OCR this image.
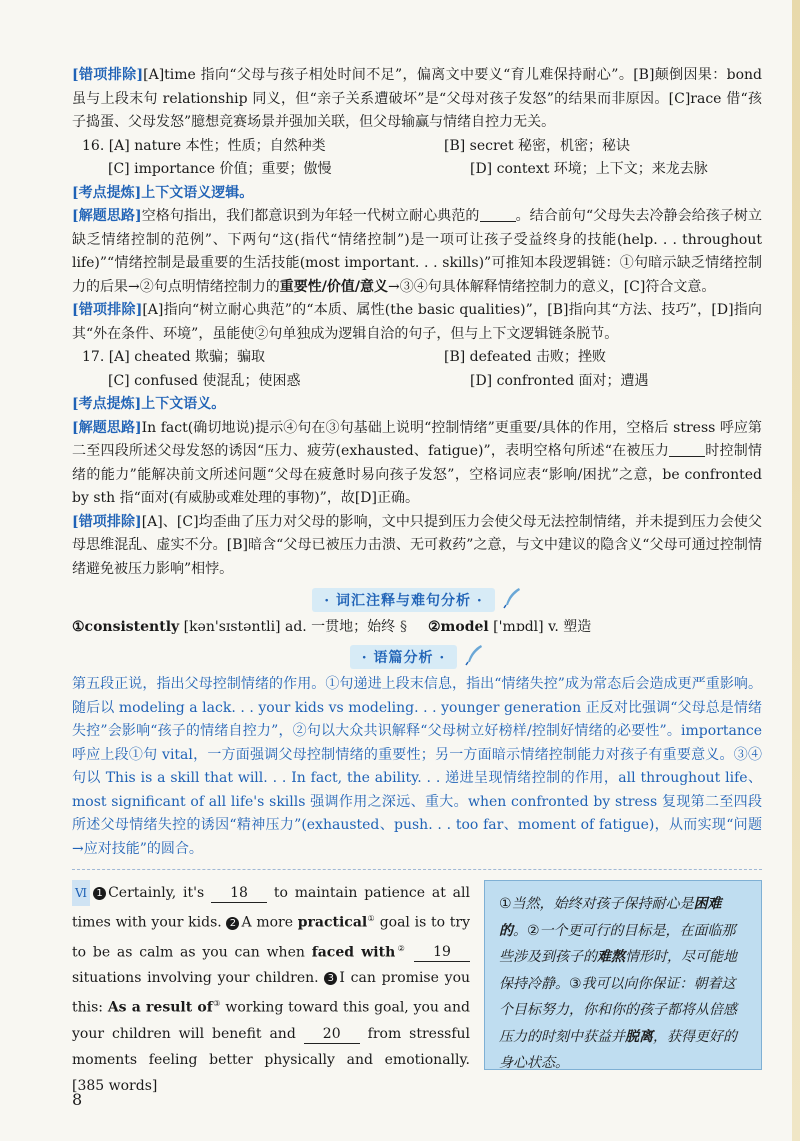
[错项排除][A]time 指向“父母与孩子相处时间不足”，偏离文中要义“育儿难保持耐心”。[B]颠倒因果：bond 虽与上段末句 relationship 同义，但“亲子关系遭破坏”是“父母对孩子发怒”的结果而非原因。[C]race 借“孩子捣蛋、父母发怒”臆想竞赛场景并强加关联，但父母输赢与情绪自控力无关。

16. [A] nature 本性；性质；自然种类	[B] secret 秘密，机密；秘诀
[C] importance 价值；重要；傲慢	[D] context 环境；上下文；来龙去脉

[考点提炼]上下文语义逻辑。

[解题思路]空格句指出，我们都意识到为年轻一代树立耐心典范的	。结合前句“父母失去冷静会给孩子树立缺乏情绪控制的范例”、下两句“这(指代“情绪控制”)是一项可让孩子受益终身的技能(help. . . throughout life)”“情绪控制是最重要的生活技能(most important. . . skills)”可推知本段逻辑链：①句暗示缺乏情绪控制力的后果→②句点明情绪控制力的重要性/价值/意义→③④句具体解释情绪控制力的意义，[C]符合文意。

[错项排除][A]指向“树立耐心典范”的“本质、属性(the basic qualities)”，[B]指向其“方法、技巧”，[D]指向其“外在条件、环境”，虽能使②句单独成为逻辑自洽的句子，但与上下文逻辑链条脱节。

17. [A] cheated 欺骗；骗取	[B] defeated 击败；挫败
[C] confused 使混乱；使困惑	[D] confronted 面对；遭遇

[考点提炼]上下文语义。

[解题思路]In fact(确切地说)提示④句在③句基础上说明“控制情绪”更重要/具体的作用，空格后 stress 呼应第二至四段所述父母发怒的诱因“压力、疲劳(exhausted、fatigue)”，表明空格句所述“在被压力	时控制情绪的能力”能解决前文所述问题“父母在疲惫时易向孩子发怒”，空格词应表“影响/困扰”之意，be confronted by sth 指“面对(有威胁或难处理的事物)”，故[D]正确。

[错项排除][A]、[C]均歪曲了压力对父母的影响，文中只提到压力会使父母无法控制情绪，并未提到压力会使父母思维混乱、虚实不分。[B]暗含“父母已被压力击溃、无可救药”之意，与文中建议的隐含义“父母可通过控制情绪避免被压力影响”相悖。

· 词汇注释与难句分析 ·
①consistently [kən'sɪstəntli] ad. 一贯地；始终 §	②model ['mɒdl] v. 塑造
· 语篇分析 ·

第五段正说，指出父母控制情绪的作用。①句递进上段末信息，指出“情绪失控”成为常态后会造成更严重影响。随后以 modeling a lack. . . your kids vs modeling. . . younger generation 正反对比强调“父母总是情绪失控”会影响“孩子的情绪自控力”，②句以大众共识解释“父母树立好榜样/控制好情绪的必要性”。importance 呼应上段①句 vital，一方面强调父母控制情绪的重要性；另一方面暗示情绪控制能力对孩子有重要意义。③④句以 This is a skill that will. . . In fact, the ability. . . 递进呈现情绪控制的作用，all throughout life、most significant of all life's skills 强调作用之深远、重大。when confronted by stress 复现第二至四段所述父母情绪失控的诱因“精神压力”(exhausted、push. . . too far、moment of fatigue)，从而实现“问题→应对技能”的圆合。

Ⅵ 1 Certainly, it's 18 to maintain patience at all times with your kids. 2 A more practical① goal is to try to be as calm as you can when faced with② 19 situations involving your children. 3 I can promise you this: As a result of③ working toward this goal, you and your children will benefit and 20 from stressful moments feeling better physically and emotionally. [385 words]
①当然，始终对孩子保持耐心是困难的。②一个更可行的目标是，在面临那些涉及到孩子的难熬情形时，尽可能地保持冷静。③我可以向你保证：朝着这个目标努力，你和你的孩子都将从倍感压力的时刻中获益并脱离，获得更好的身心状态。
8
